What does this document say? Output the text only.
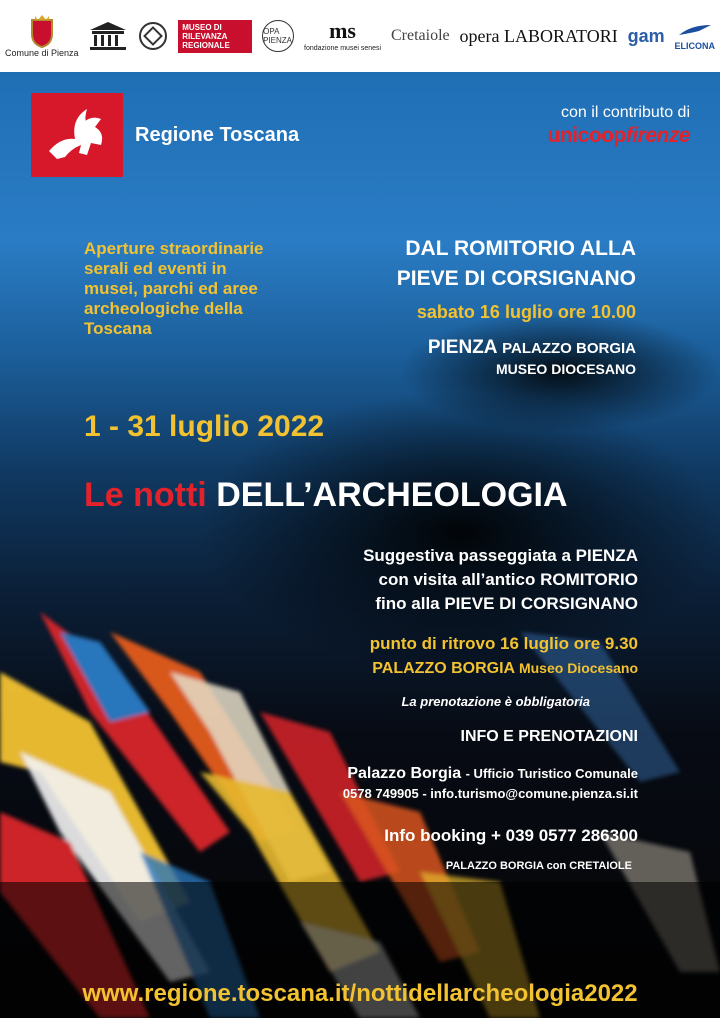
Comune di Pienza
MUSEO DI RILEVANZA REGIONALE
OPA PIENZA ms
fondazione musei senesi
Cretaiole opera LABORATORI gam
ELICONA
Regione Toscana
con il contributo di
unicoopfirenze
Aperture straordinarie serali ed eventi in musei, parchi ed aree archeologiche della Toscana
DAL ROMITORIO ALLA
PIEVE DI CORSIGNANO
sabato 16 luglio ore 10.00
PIENZA PALAZZO BORGIA
MUSEO DIOCESANO
1 - 31 luglio 2022
Le notti DELL’ARCHEOLOGIA
Suggestiva passeggiata a PIENZA
con visita all’antico ROMITORIO
fino alla PIEVE DI CORSIGNANO
punto di ritrovo 16 luglio ore 9.30
PALAZZO BORGIA Museo Diocesano
La prenotazione è obbligatoria
INFO E PRENOTAZIONI
Palazzo Borgia - Ufficio Turistico Comunale
0578 749905 - info.turismo@comune.pienza.si.it
Info booking + 039 0577 286300
PALAZZO BORGIA con CRETAIOLE
www.regione.toscana.it/nottidellarcheologia2022
